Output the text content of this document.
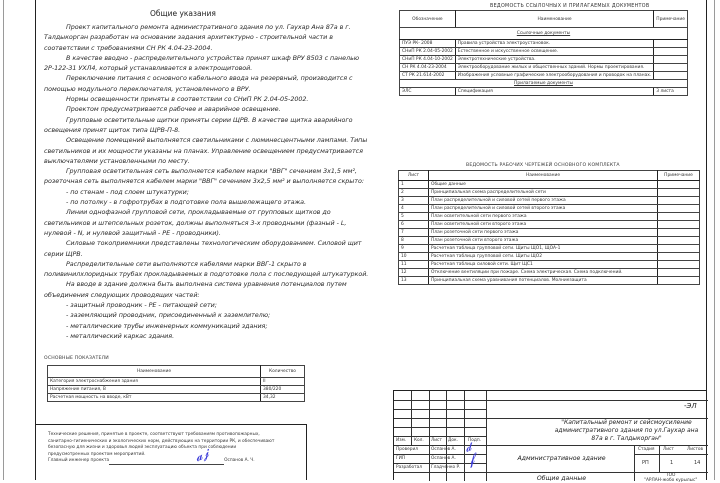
Общие указания

Проект капитального ремонта административного здания по ул. Гаухар Ана 87а в г. Талдыкорган разработан на основании задания архитектурно - строительной части в соответствии с требованиями СН РК 4.04-23-2004.

В качестве вводно - распределительного устройства принят шкаф ВРУ 8503 с панелью 2Р-122-31 УХЛ4, который устанавливается в электрощитовой.

Переключение питания с основного кабельного ввода на резервный, производится с помощью модульного переключателя, установленного в ВРУ.

Нормы освещенности приняты в соответствии со СНиП РК 2.04-05-2002.

Проектом предусматривается рабочее и аварийное освещение.

Групповые осветительные щитки приняты серии ЩРВ. В качестве щитка аварийного освещения принят щиток типа ЩРВ-П-8.

Освещение помещений выполняется светильниками с люминесцентными лампами. Типы светильников и их мощности указаны на планах. Управление освещением предусматривается выключателями установленными по месту.

Групповая осветительная сеть выполняется кабелем марки "ВВГ" сечением 3х1,5 мм², розеточная сеть выполняется кабелем марки "ВВГ" сечением 3х2,5 мм² и выполняется скрыто:

- по стенам - под слоем штукатурки;

- по потолку - в гофротрубах в подготовке пола вышележащего этажа.

Линии однофазной групповой сети, прокладываемые от групповых щитков до светильников и штепсельных розеток, должны выполняться 3-х проводными (фазный - L, нулевой - N, и нулевой защитный - PE - проводники).

Силовые токоприемники представлены технологическим оборудованием. Силовой щит серии ЩРВ.

Распределительные сети выполняются кабелями марки ВВГ-1 скрыто в поливинилхлоридных трубах прокладываемых в подготовке пола с последующей штукатуркой.

На вводе в здание должна быть выполнена система уравнения потенциалов путем объединения следующих проводящих частей:

- защитный проводник - PE - питающей сети;

- заземляющий проводник, присоединенный к заземлителю;

- металлические трубы инженерных коммуникаций здания;

- металлический каркас здания.

ОСНОВНЫЕ ПОКАЗАТЕЛИ
Наименование	Количество
Категория электроснабжения здания	II
Напряжение питания, В	380/220
Расчетная мощность на вводе, кВт	34,32
Технические решения, принятые в проекте, соответствуют требованиям противопожарных, санитарно-гигиенических и экологических норм, действующих на территории РК, и обеспечивают безопасную для жизни и здоровья людей эксплуатацию объекта при соблюдении предусмотренных проектом мероприятий.
Главный инженер проекта	Оспанов А. Ч.
𝓪𝓳
ВЕДОМОСТЬ ССЫЛОЧНЫХ И ПРИЛАГАЕМЫХ ДОКУМЕНТОВ
Обозначение	Наименование	Примечание
Ссылочные документы		
ПУЭ РК- 2008	Правила устройства электроустановок.	
СНиП РК 2.04-05-2002	Естественное и искусственное освещение.	
СНиП РК 4.04-10-2002	Электротехнические устройства.	
СН РК 4.04-23-2004	Электрооборудование жилых и общественных зданий. Нормы проектирования.	
СТ РК 21.614-2002	Изображения условные графические электрооборудования и проводок на планах.	
Прилагаемые документы		
ЭЛС	Спецификация	3 листа
ВЕДОМОСТЬ РАБОЧИХ ЧЕРТЕЖЕЙ ОСНОВНОГО КОМПЛЕКТА
Лист	Наименование	Примечание
1	Общие данные	
2	Принципиальная схема распределительной сети	
3	План распределительной и силовой сетей первого этажа	
4	План распределительной и силовой сетей второго этажа	
5	План осветительной сети первого этажа	
6	План осветительной сети второго этажа	
7	План розеточной сети первого этажа	
8	План розеточной сети второго этажа	
9	Расчетная таблица групповой сети. Щиты ЩО1, ЩОА-1	
10	Расчетная таблица групповой сети. Щиты ЩО2	
11	Расчетная таблица силовой сети. Щит ЩС1	
12	Отключение вентиляции при пожаре. Схема электрическая. Схема подключений.	
13	Принципиальная схема уравнивания потенциалов. Молниезащита	
Изм. Кол. Лист Док. Подп.
Проверил	Оспанов А.
ГИП	Оспанов А.
Разработал Гладченко Р.
𝓭
𝓯
-ЭЛ
"Капитальный ремонт и сейсмоусиление административного здания по ул.Гаухар ана 87а в г. Талдыкорган"
Административное здание
Стадия Лист	Листов
РП	1	14
Общие данные	ТОО
"АРЛАН-жобо курылыс"
